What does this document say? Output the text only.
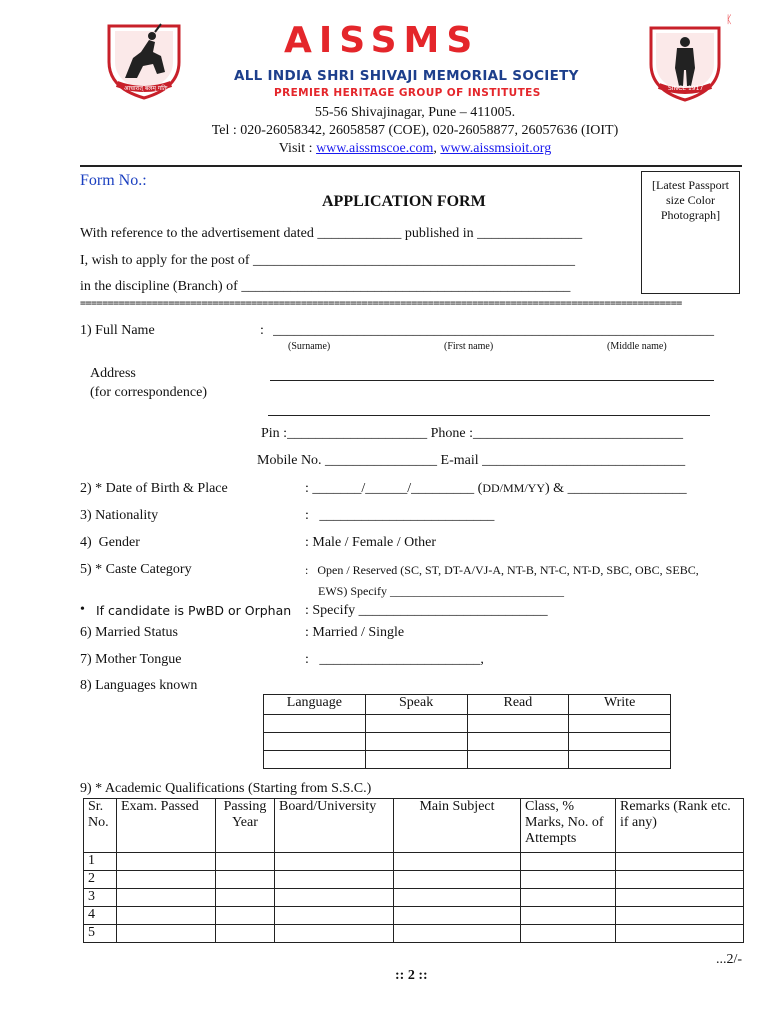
ᛕ
आचारात् बलम् गतिः
AISSMS
ALL INDIA SHRI SHIVAJI MEMORIAL SOCIETY
PREMIER HERITAGE GROUP OF INSTITUTES	SINCE 1917
55-56 Shivajinagar, Pune – 411005.
Tel : 020-26058342, 26058587 (COE), 020-26058877, 26057636 (IOIT)
Visit : www.aissmscoe.com, www.aissmsioit.org
Form No.:
APPLICATION FORM
[Latest Passport size Color Photograph]
With reference to the advertisement dated ____________ published in _______________
I, wish to apply for the post of ______________________________________________
in the discipline (Branch) of _______________________________________________
=============================================================================================================
1) Full Name	: _______________________________________________________________
(Surname)	(First name)	(Middle name)
Address
(for correspondence)
Pin :____________________ Phone :______________________________
Mobile No. ________________ E-mail _____________________________
2) * Date of Birth & Place	: _______/______/_________ (DD/MM/YY) & _________________
3) Nationality	:   _________________________
4)  Gender	: Male / Female / Other
5) * Caste Category	:   Open / Reserved (SC, ST, DT-A/VJ-A, NT-B, NT-C, NT-D, SBC, OBC, SEBC,
EWS) Specify _____________________________
• If candidate is PwBD or Orphan : Specify ___________________________
6) Married Status	: Married / Single
7) Mother Tongue	:   _______________________,
8) Languages known
Language	Speak	Read	Write

9) * Academic Qualifications (Starting from S.S.C.)
Sr. No.	Exam. Passed	Passing Year	Board/University	Main Subject	Class, % Marks, No. of Attempts	Remarks (Rank etc. if any)
1						
2						
3						
4						
5						
...2/-
:: 2 ::
